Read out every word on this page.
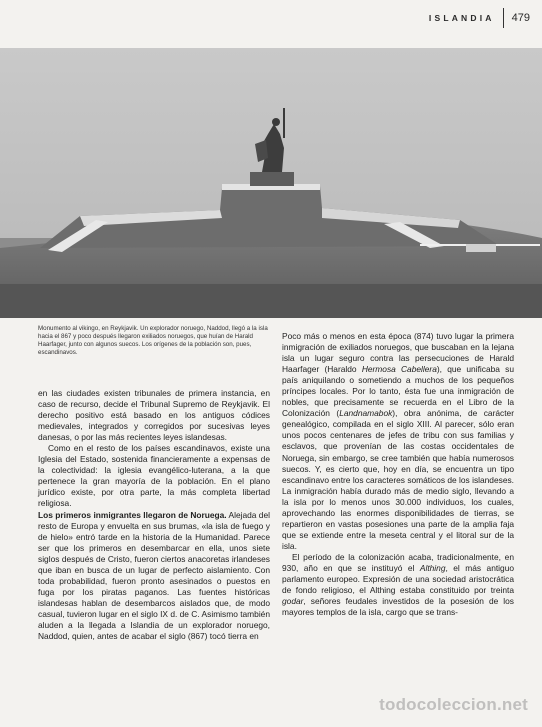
ISLANDIA 479
Monumento al vikingo, en Reykjavik. Un explorador noruego, Naddod, llegó a la isla hacia el 867 y poco después llegaron exiliados noruegos, que huían de Harald Haarfager, junto con algunos suecos. Los orígenes de la población son, pues, escandinavos.

en las ciudades existen tribunales de primera instancia, en caso de recurso, decide el Tribunal Supremo de Reykjavik. El derecho positivo está basado en los antiguos códices medievales, integrados y corregidos por sucesivas leyes danesas, o por las más recientes leyes islandesas.

Como en el resto de los países escandinavos, existe una Iglesia del Estado, sostenida financieramente a expensas de la colectividad: la iglesia evangélico-luterana, a la que pertenece la gran mayoría de la población. En el plano jurídico existe, por otra parte, la más completa libertad religiosa.

Los primeros inmigrantes llegaron de Noruega. Alejada del resto de Europa y envuelta en sus brumas, «la isla de fuego y de hielo» entró tarde en la historia de la Humanidad. Parece ser que los primeros en desembarcar en ella, unos siete siglos después de Cristo, fueron ciertos anacoretas irlandeses que iban en busca de un lugar de perfecto aislamiento. Con toda probabilidad, fueron pronto asesinados o puestos en fuga por los piratas paganos. Las fuentes históricas islandesas hablan de desembarcos aislados que, de modo casual, tuvieron lugar en el siglo IX d. de C. Asimismo también aluden a la llegada a Islandia de un explorador noruego, Naddod, quien, antes de acabar el siglo (867) tocó tierra en

Poco más o menos en esta época (874) tuvo lugar la primera inmigración de exiliados noruegos, que buscaban en la lejana isla un lugar seguro contra las persecuciones de Harald Haarfager (Haraldo Hermosa Cabellera), que unificaba su país aniquilando o sometiendo a muchos de los pequeños príncipes locales. Por lo tanto, ésta fue una inmigración de nobles, que precisamente se recuerda en el Libro de la Colonización (Landnamabok), obra anónima, de carácter genealógico, compilada en el siglo XIII. Al parecer, sólo eran unos pocos centenares de jefes de tribu con sus familias y esclavos, que provenían de las costas occidentales de Noruega, sin embargo, se cree también que había numerosos suecos. Y, es cierto que, hoy en día, se encuentra un tipo escandinavo entre los caracteres somáticos de los islandeses. La inmigración había durado más de medio siglo, llevando a la isla por lo menos unos 30.000 individuos, los cuales, aprovechando las enormes disponibilidades de tierras, se repartieron en vastas posesiones una parte de la amplia faja que se extiende entre la meseta central y el litoral sur de la isla.

El período de la colonización acaba, tradicionalmente, en 930, año en que se instituyó el Althing, el más antiguo parlamento europeo. Expresión de una sociedad aristocrática de fondo religioso, el Althing estaba constituido por treinta godar, señores feudales investidos de la posesión de los mayores templos de la isla, cargo que se trans-

todocoleccion.net
